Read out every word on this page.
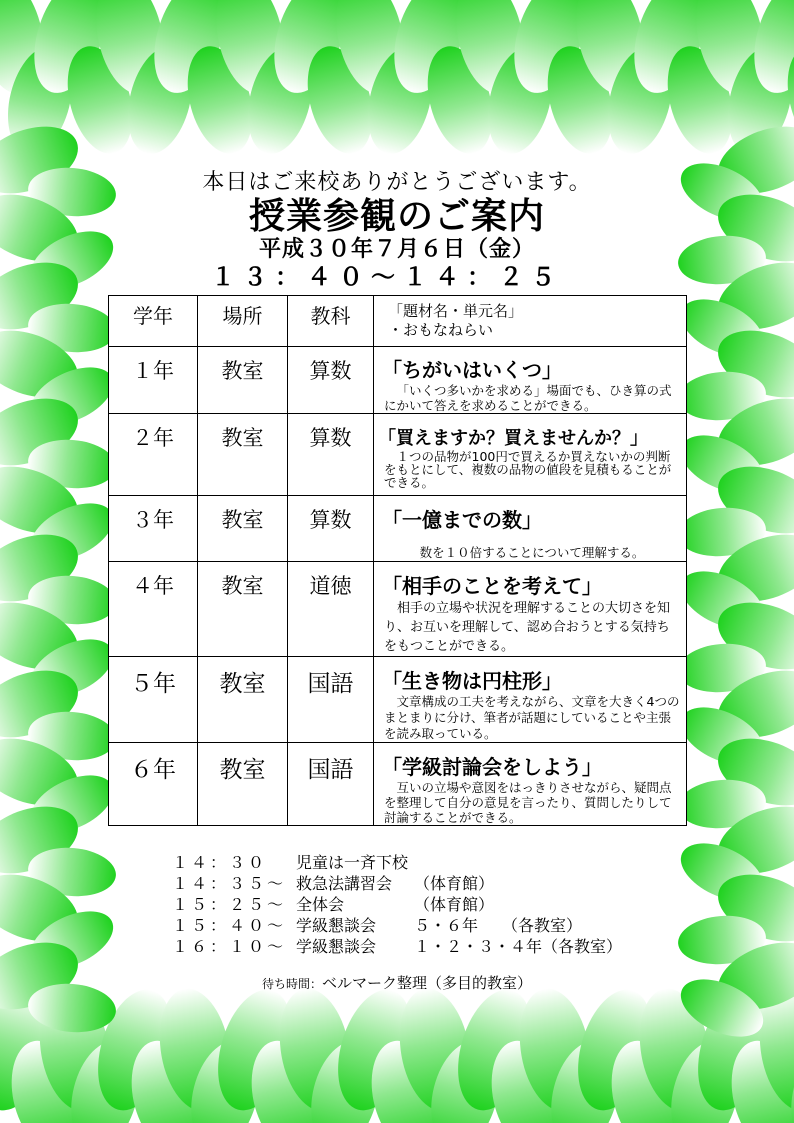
本日はご来校ありがとうございます。
授業参観のご案内
平成３０年７月６日（金）
１３：４０～１４：２５
学年	場所	教科	「題材名・単元名」
・おもなねらい
１年	教室	算数	「ちがいはいくつ」
「いくつ多いかを求める」場面でも、ひき算の式にかいて答えを求めることができる。

２年	教室	算数	「買えますか？買えませんか？」
１つの品物が100円で買えるか買えないかの判断をもとにして、複数の品物の値段を見積もることができる。

３年	教室	算数	「一億までの数」
数を１０倍することについて理解する。

４年	教室	道徳	「相手のことを考えて」
相手の立場や状況を理解することの大切さを知り、お互いを理解して、認め合おうとする気持ちをもつことができる。

５年	教室	国語	「生き物は円柱形」
文章構成の工夫を考えながら、文章を大きく4つのまとまりに分け、筆者が話題にしていることや主張を読み取っている。

６年	教室	国語	「学級討論会をしよう」
互いの立場や意図をはっきりさせながら、疑問点を整理して自分の意見を言ったり、質問したりして討論することができる。
１４：３０	児童は一斉下校
１４：３５～ 救急法講習会	（体育館）
１５：２５～ 全体会	（体育館）
１５：４０～ 学級懇談会	５・６年　　（各教室）
１６：１０～ 学級懇談会	１・２・３・４年（各教室）
待ち時間：ベルマーク整理（多目的教室）
